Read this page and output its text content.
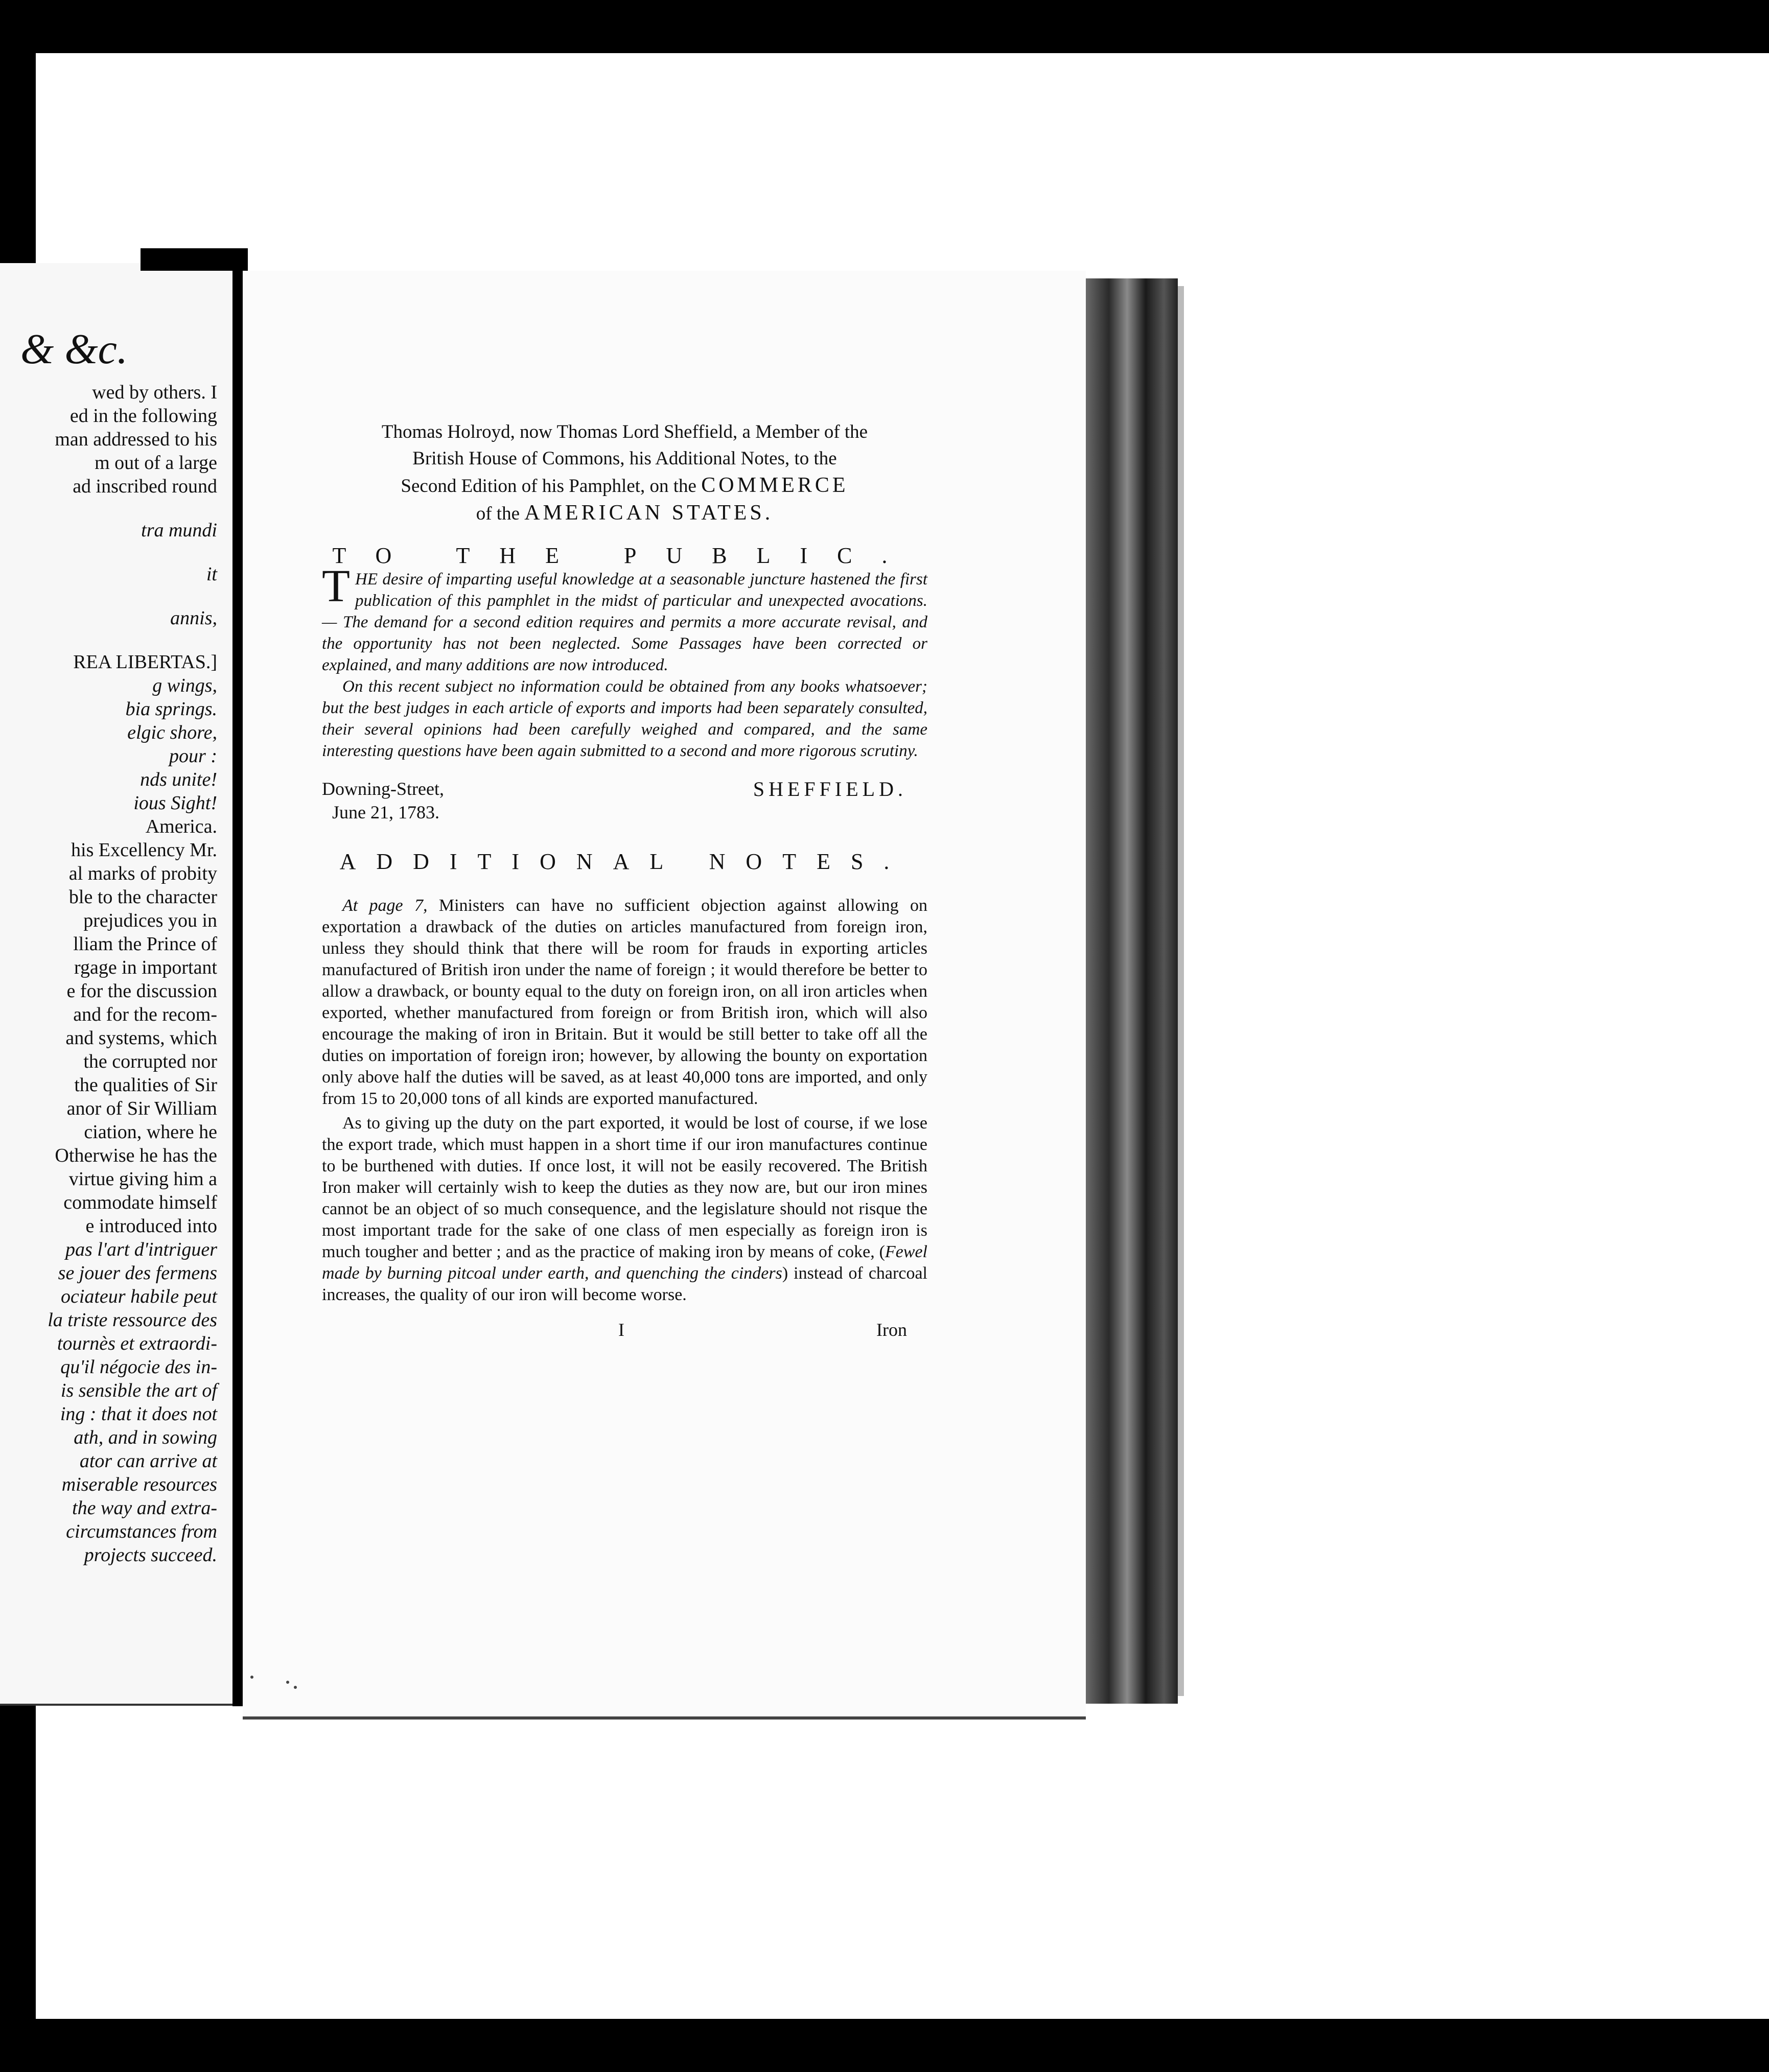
& &c.
wed by others. I
ed in the following
man addressed to his
m out of a large
ad inscribed round
tra mundi
it
annis,
REA LIBERTAS.]
g wings,
bia springs.
elgic shore,
pour :
nds unite!
ious Sight!
America.
his Excellency Mr.
al marks of probity
ble to the character
prejudices you in
lliam the Prince of
rgage in important
e for the discussion
and for the recom-
and systems, which
the corrupted nor
the qualities of Sir
anor of Sir William
ciation, where he
Otherwise he has the
virtue giving him a
commodate himself
e introduced into
pas l'art d'intriguer
se jouer des fermens
ociateur habile peut
la triste ressource des
tournès et extraordi-
qu'il négocie des in-
is sensible the art of
ing : that it does not
ath, and in sowing
ator can arrive at
miserable resources
the way and extra-
circumstances from
projects succeed.
Thomas Holroyd, now Thomas Lord Sheffield, a Member of the
British House of Commons, his Additional Notes, to the
Second Edition of his Pamphlet, on the COMMERCE
of the AMERICAN STATES.
TO THE PUBLIC.
T HE desire of imparting useful knowledge at a seasonable juncture hastened the first publication of this pamphlet in the midst of particular and unexpected avocations. — The demand for a second edition requires and permits a more accurate revisal, and the opportunity has not been neglected. Some Passages have been corrected or explained, and many additions are now introduced.
On this recent subject no information could be obtained from any books whatsoever; but the best judges in each article of exports and imports had been separately consulted, their several opinions had been carefully weighed and compared, and the same interesting questions have been again submitted to a second and more rigorous scrutiny.
Downing-Street,
June 21, 1783.
SHEFFIELD.
ADDITIONAL NOTES.

At page 7, Ministers can have no sufficient objection against allowing on exportation a drawback of the duties on articles manufactured from foreign iron, unless they should think that there will be room for frauds in exporting articles manufactured of British iron under the name of foreign ; it would therefore be better to allow a drawback, or bounty equal to the duty on foreign iron, on all iron articles when exported, whether manufactured from foreign or from British iron, which will also encourage the making of iron in Britain. But it would be still better to take off all the duties on importation of foreign iron; however, by allowing the bounty on exportation only above half the duties will be saved, as at least 40,000 tons are imported, and only from 15 to 20,000 tons of all kinds are exported manufactured.

As to giving up the duty on the part exported, it would be lost of course, if we lose the export trade, which must happen in a short time if our iron manufactures continue to be burthened with duties. If once lost, it will not be easily recovered. The British Iron maker will certainly wish to keep the duties as they now are, but our iron mines cannot be an object of so much consequence, and the legislature should not risque the most important trade for the sake of one class of men especially as foreign iron is much tougher and better ; and as the practice of making iron by means of coke, (Fewel made by burning pitcoal under earth, and quenching the cinders) instead of charcoal increases, the quality of our iron will become worse.

I	Iron
